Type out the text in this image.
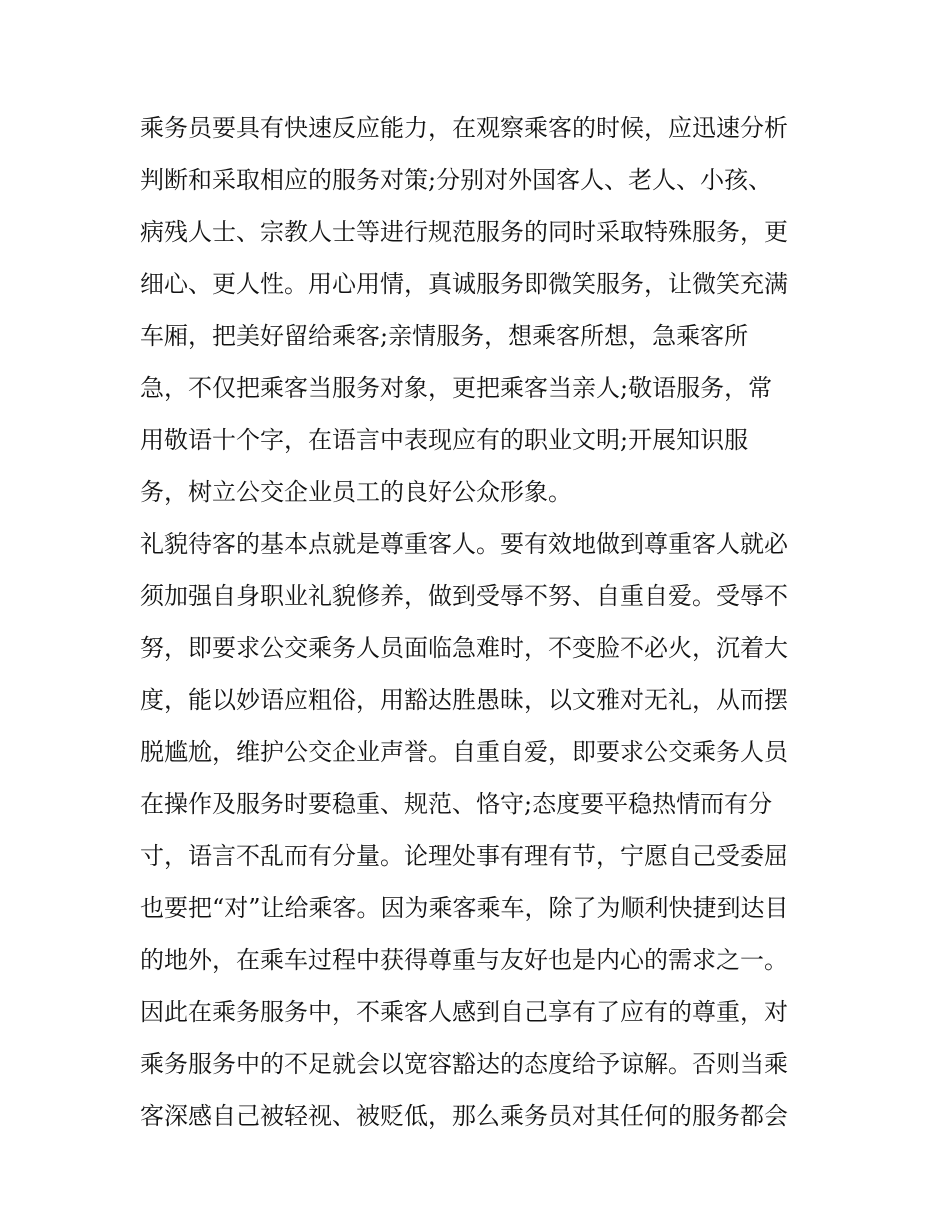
乘务员要具有快速反应能力，在观察乘客的时候，应迅速分析
判断和采取相应的服务对策;分别对外国客人、老人、小孩、
病残人士、宗教人士等进行规范服务的同时采取特殊服务，更
细心、更人性。用心用情，真诚服务即微笑服务，让微笑充满
车厢，把美好留给乘客;亲情服务，想乘客所想，急乘客所
急，不仅把乘客当服务对象，更把乘客当亲人;敬语服务，常
用敬语十个字，在语言中表现应有的职业文明;开展知识服
务，树立公交企业员工的良好公众形象。
礼貌待客的基本点就是尊重客人。要有效地做到尊重客人就必
须加强自身职业礼貌修养，做到受辱不努、自重自爱。受辱不
努，即要求公交乘务人员面临急难时，不变脸不必火，沉着大
度，能以妙语应粗俗，用豁达胜愚昧，以文雅对无礼，从而摆
脱尴尬，维护公交企业声誉。自重自爱，即要求公交乘务人员
在操作及服务时要稳重、规范、恪守;态度要平稳热情而有分
寸，语言不乱而有分量。论理处事有理有节，宁愿自己受委屈
也要把“对”让给乘客。因为乘客乘车，除了为顺利快捷到达目
的地外，在乘车过程中获得尊重与友好也是内心的需求之一。
因此在乘务服务中，不乘客人感到自己享有了应有的尊重，对
乘务服务中的不足就会以宽容豁达的态度给予谅解。否则当乘
客深感自己被轻视、被贬低，那么乘务员对其任何的服务都会
